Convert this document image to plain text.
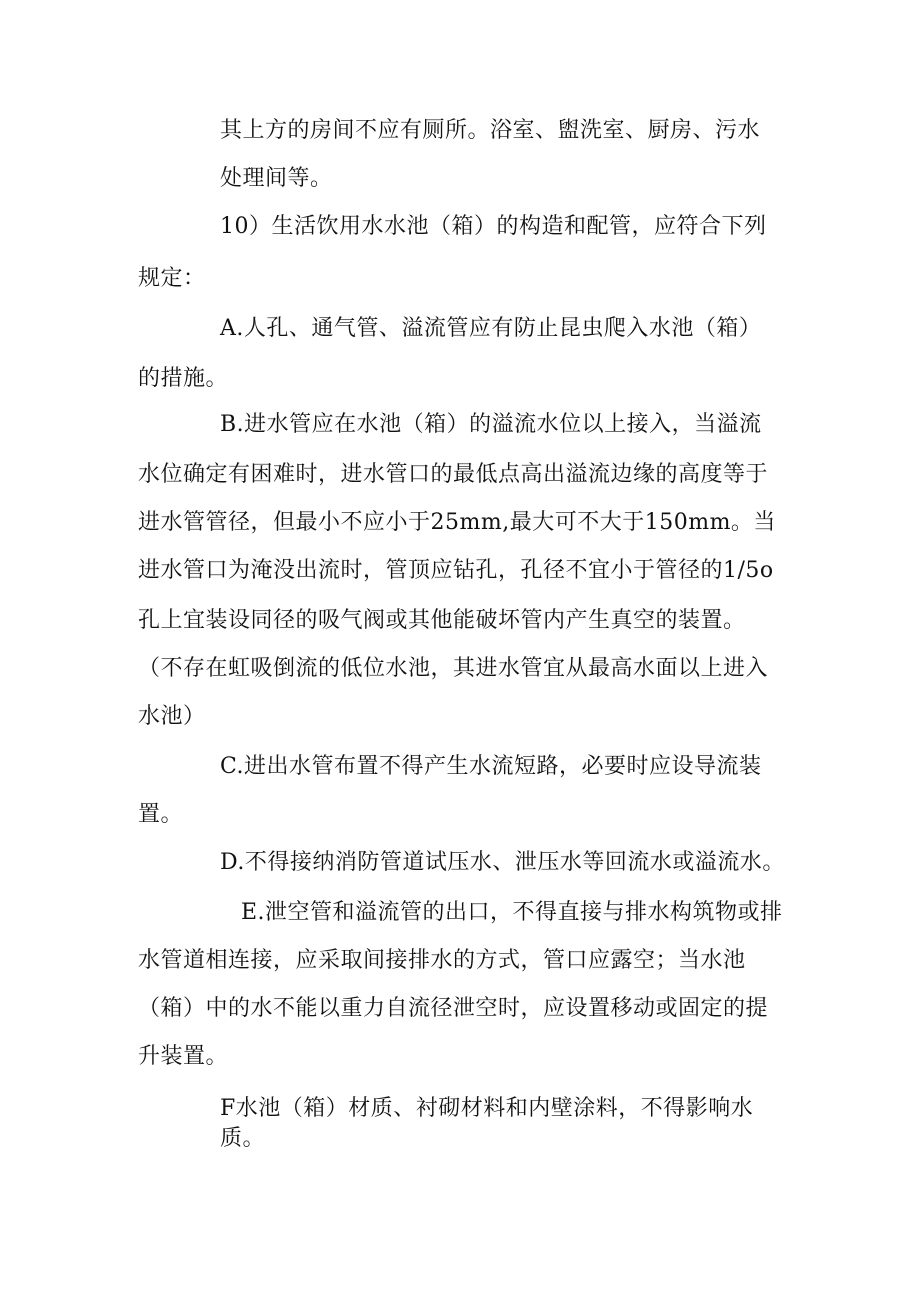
其上方的房间不应有厕所。浴室、盥洗室、厨房、污水
处理间等。
10）生活饮用水水池（箱）的构造和配管，应符合下列
规定：
A.人孔、通气管、溢流管应有防止昆虫爬入水池（箱）
的措施。
B.进水管应在水池（箱）的溢流水位以上接入，当溢流
水位确定有困难时，进水管口的最低点高出溢流边缘的高度等于
进水管管径，但最小不应小于25mm,最大可不大于150mm。当
进水管口为淹没出流时，管顶应钻孔，孔径不宜小于管径的1/5o
孔上宜装设同径的吸气阀或其他能破坏管内产生真空的装置。
（不存在虹吸倒流的低位水池，其进水管宜从最高水面以上进入
水池）
C.进出水管布置不得产生水流短路，必要时应设导流装
置。
D.不得接纳消防管道试压水、泄压水等回流水或溢流水。
E.泄空管和溢流管的出口，不得直接与排水构筑物或排
水管道相连接，应采取间接排水的方式，管口应露空；当水池
（箱）中的水不能以重力自流径泄空时，应设置移动或固定的提
升装置。
F水池（箱）材质、衬砌材料和内壁涂料，不得影响水
质。
